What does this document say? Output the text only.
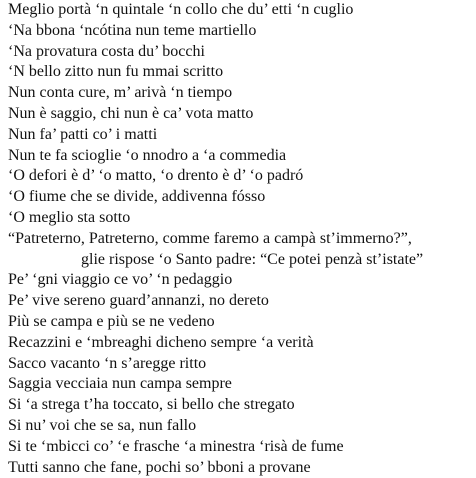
Meglio portà ‘n quintale ‘n collo che du’ etti ‘n cuglio
‘Na bbona ‘ncótina nun teme martiello
‘Na provatura costa du’ bocchi
‘N bello zitto nun fu mmai scritto
Nun conta cure, m’ arivà ‘n tiempo
Nun è saggio, chi nun è ca’ vota matto
Nun fa’ patti co’ i matti
Nun te fa scioglie ‘o nnodro a ‘a commedia
‘O defori è d’ ‘o matto, ‘o drento è d’ ‘o padró
‘O fiume che se divide, addivenna fósso
‘O meglio sta sotto
“Patreterno, Patreterno, comme faremo a campà st’immerno?”,
glie rispose ‘o Santo padre: “Ce potei penzà st’istate”
Pe’ ‘gni viaggio ce vo’ ‘n pedaggio
Pe’ vive sereno guard’annanzi, no dereto
Più se campa e più se ne vedeno
Recazzini e ‘mbreaghi dicheno sempre ‘a verità
Sacco vacanto ‘n s’aregge ritto
Saggia vecciaia nun campa sempre
Si ‘a strega t’ha toccato, si bello che stregato
Si nu’ voi che se sa, nun fallo
Si te ‘mbicci co’ ‘e frasche ‘a minestra ‘risà de fume
Tutti sanno che fane, pochi so’ bboni a provane
